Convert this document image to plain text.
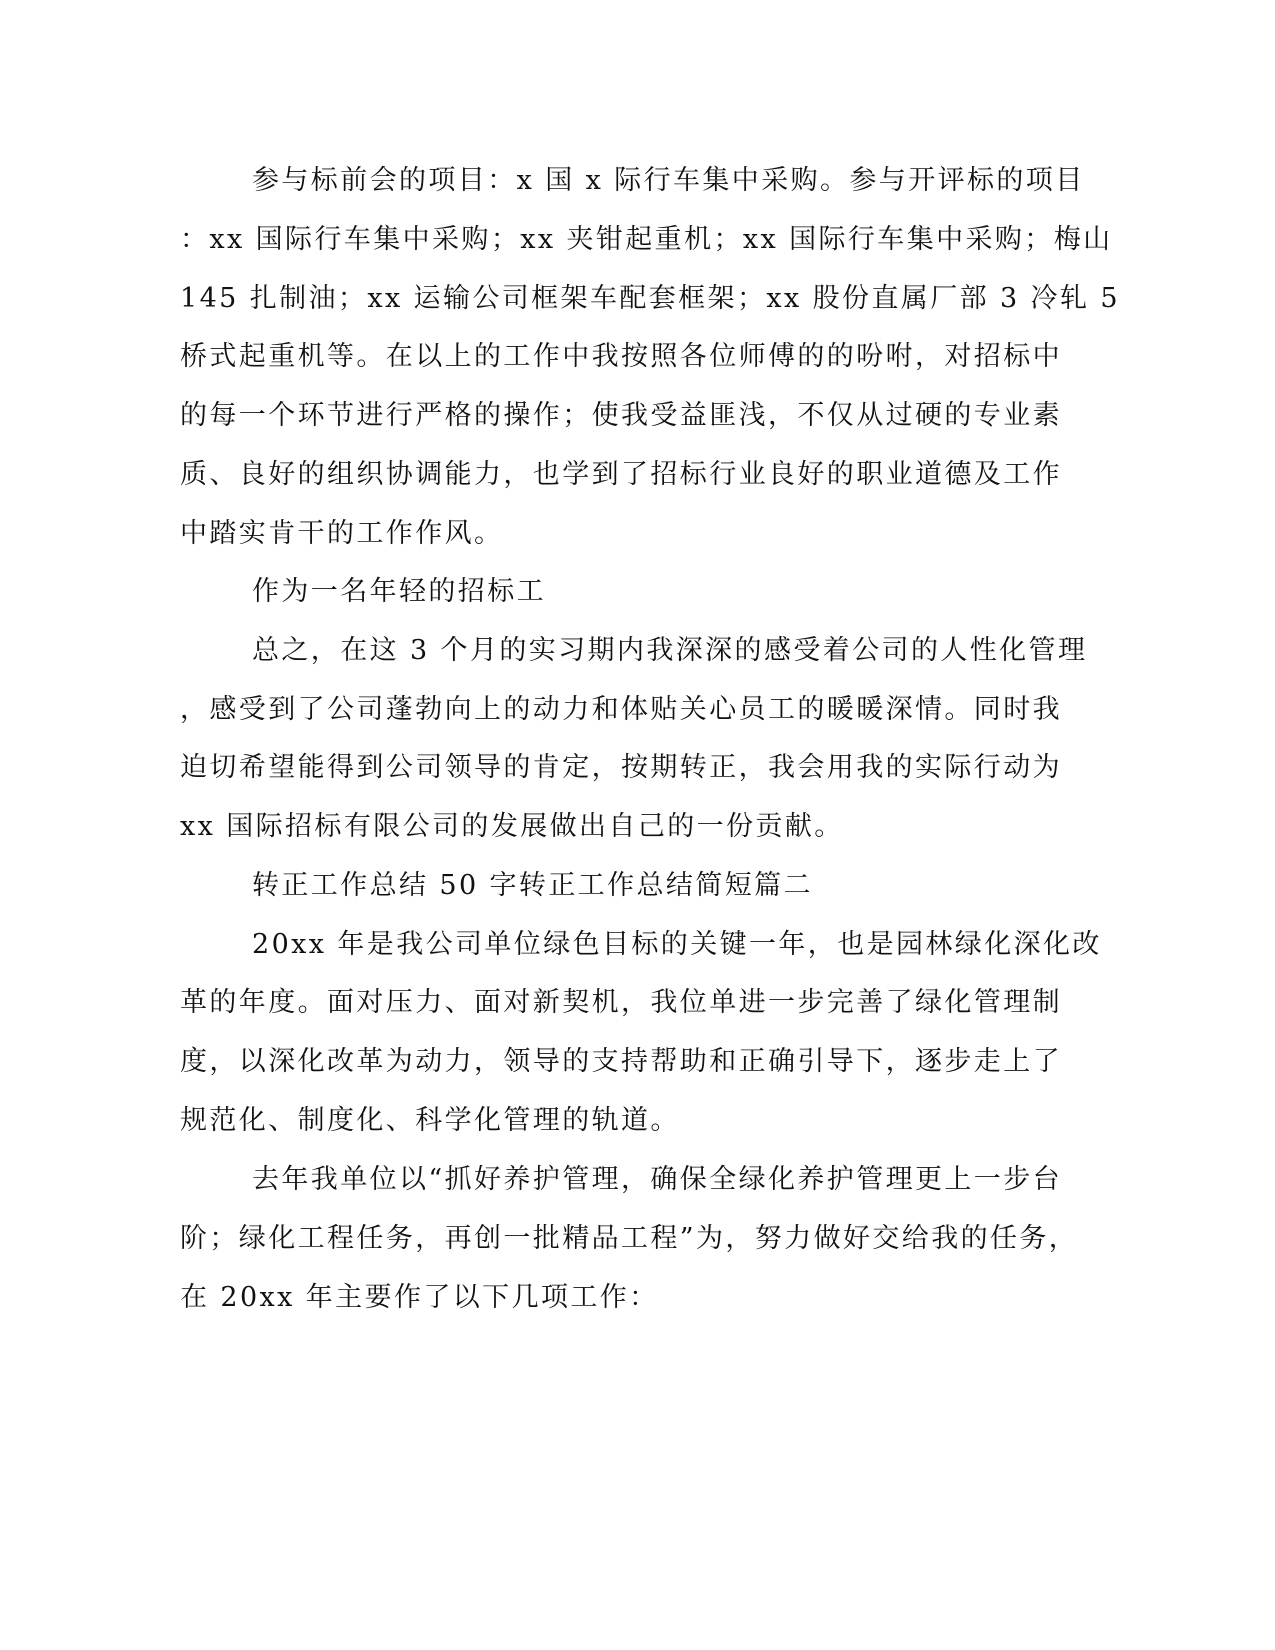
参与标前会的项目：x 国 x 际行车集中采购。参与开评标的项目

：xx 国际行车集中采购；xx 夹钳起重机；xx 国际行车集中采购；梅山

145 扎制油；xx 运输公司框架车配套框架；xx 股份直属厂部 3 冷轧 5

桥式起重机等。在以上的工作中我按照各位师傅的的吩咐，对招标中

的每一个环节进行严格的操作；使我受益匪浅，不仅从过硬的专业素

质、良好的组织协调能力，也学到了招标行业良好的职业道德及工作

中踏实肯干的工作作风。

作为一名年轻的招标工

总之，在这 3 个月的实习期内我深深的感受着公司的人性化管理

，感受到了公司蓬勃向上的动力和体贴关心员工的暖暖深情。同时我

迫切希望能得到公司领导的肯定，按期转正，我会用我的实际行动为

xx 国际招标有限公司的发展做出自己的一份贡献。

转正工作总结 50 字转正工作总结简短篇二

20xx 年是我公司单位绿色目标的关键一年，也是园林绿化深化改

革的年度。面对压力、面对新契机，我位单进一步完善了绿化管理制

度，以深化改革为动力，领导的支持帮助和正确引导下，逐步走上了

规范化、制度化、科学化管理的轨道。

去年我单位以“抓好养护管理，确保全绿化养护管理更上一步台

阶；绿化工程任务，再创一批精品工程”为，努力做好交给我的任务，

在 20xx 年主要作了以下几项工作：
